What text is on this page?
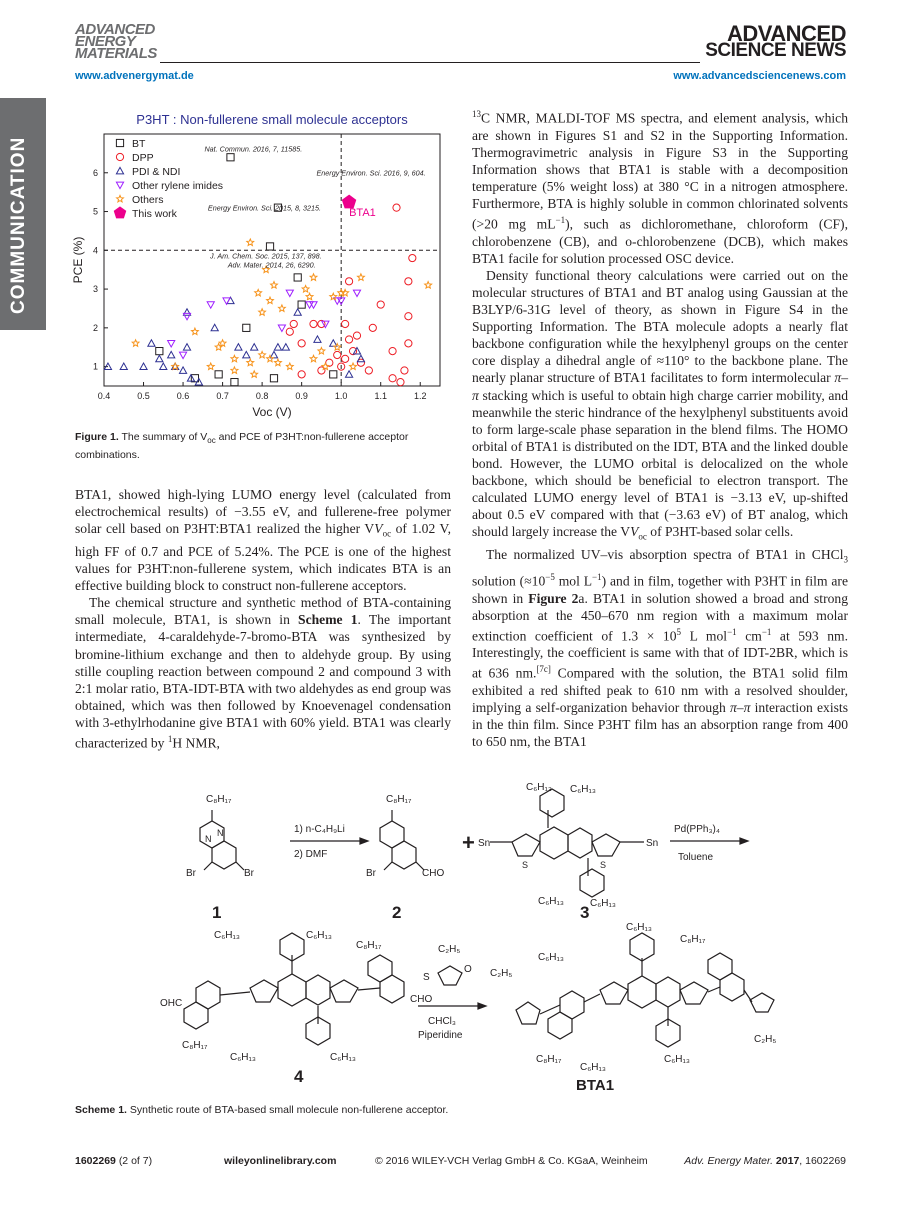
ADVANCED
ENERGY
MATERIALS
ADVANCED
SCIENCE NEWS
www.advenergymat.de	www.advancedsciencenews.com
COMMUNICATION
P3HT : Non-fullerene small molecule acceptors
0.4	0.5	0.6	0.7	0.8	0.9	1.0	1.1	1.2
1
2
3
4
5
6
Voc (V)
PCE (%)
BT
DPP
PDI & NDI
Other rylene imides
Others
This work
Nat. Commun. 2016, 7, 11585.
Energy Environ. Sci. 2016, 9, 604.
Energy Environ. Sci. 2015, 8, 3215.
J. Am. Chem. Soc. 2015, 137, 898.
Adv. Mater. 2014, 26, 6290.
BTA1
Figure 1. The summary of $V_{oc}$ and PCE of P3HT:non-fullerene acceptor combinations.

BTA1, showed high-lying LUMO energy level (calculated from electrochemical results) of −3.55 eV, and fullerene-free polymer solar cell based on P3HT:BTA1 realized the higher $VV_{oc}$ of 1.02 V, high FF of 0.7 and PCE of 5.24%. The PCE is one of the highest values for P3HT:non-fullerene system, which indicates BTA is an effective building block to construct non-fullerene acceptors.

The chemical structure and synthetic method of BTA-containing small molecule, BTA1, is shown in Scheme 1. The important intermediate, 4-caraldehyde-7-bromo-BTA was synthesized by bromine-lithium exchange and then to aldehyde group. By using stille coupling reaction between compound 2 and compound 3 with 2:1 molar ratio, BTA-IDT-BTA with two aldehydes as end group was obtained, which was then followed by Knoevenagel condensation with 3-ethylrhodanine give BTA1 with 60% yield. BTA1 was clearly characterized by $^1$H NMR,

$^{13}$C NMR, MALDI-TOF MS spectra, and element analysis, which are shown in Figures S1 and S2 in the Supporting Information. Thermogravimetric analysis in Figure S3 in the Supporting Information shows that BTA1 is stable with a decomposition temperature (5% weight loss) at 380 °C in a nitrogen atmosphere. Furthermore, BTA is highly soluble in common chlorinated solvents (>20 mg $mL^{-1}$), such as dichloromethane, chloroform (CF), chlorobenzene (CB), and o-chlorobenzene (DCB), which makes BTA1 facile for solution processed OSC device.

Density functional theory calculations were carried out on the molecular structures of BTA1 and BT analog using Gaussian at the B3LYP/6-31G level of theory, as shown in Figure S4 in the Supporting Information. The BTA molecule adopts a nearly flat backbone configuration while the hexylphenyl groups on the center core display a dihedral angle of ≈110° to the backbone plane. The nearly planar structure of BTA1 facilitates to form intermolecular π–π stacking which is useful to obtain high charge carrier mobility, and meanwhile the steric hindrance of the hexylphenyl substituents avoid to form large-scale phase separation in the blend films. The HOMO orbital of BTA1 is distributed on the IDT, BTA and the linked double bond. However, the LUMO orbital is delocalized on the whole backbone, which should be beneficial to electron transport. The calculated LUMO energy level of BTA1 is −3.13 eV, up-shifted about 0.5 eV compared with that (−3.63 eV) of BT analog, which should largely increase the $VV_{oc}$ of P3HT-based solar cells.

The normalized UV–vis absorption spectra of BTA1 in CHCl$_3$ solution ($\approx 10^{-5}$ mol $L^{-1}$) and in film, together with P3HT in film are shown in Figure 2a. BTA1 in solution showed a broad and strong absorption at the 450–670 nm region with a maximum molar extinction coefficient of $1.3 \times 10^5$ L mol$^{-1}$ $cm^{-1}$ at 593 nm. Interestingly, the coefficient is same with that of IDT-2BR, which is at 636 nm.[7c] Compared with the solution, the BTA1 solid film exhibited a red shifted peak to 610 nm with a resolved shoulder, implying a self-organization behavior through π–π interaction exists in the thin film. Since P3HT film has an absorption range from 400 to 650 nm, the BTA1

C₈H₁₇
N
N
Br	Br
1
1) n-C₄H₉Li
2) DMF
C₈H₁₇
Br	CHO
2
+
C₆H₁₃ C₆H₁₃
Sn	Sn
S	S
C₆H₁₃	C₆H₁₃
3
Pd(PPh₃)₄
Toluene
C₆H₁₃	C₆H₁₃
C₈H₁₇
OHC	CHO
C₈H₁₇
C₆H₁₃	C₆H₁₃
4
C₂H₅
S
O
CHCl₃
Piperidine
C₂H₅
C₆H₁₃
C₆H₁₃
C₈H₁₇
C₈H₁₇
C₆H₁₃
C₆H₁₃
C₂H₅
BTA1
Scheme 1. Synthetic route of BTA-based small molecule non-fullerene acceptor.
1602269 (2 of 7)	wileyonlinelibrary.com	© 2016 WILEY-VCH Verlag GmbH & Co. KGaA, Weinheim	Adv. Energy Mater. 2017, 1602269
